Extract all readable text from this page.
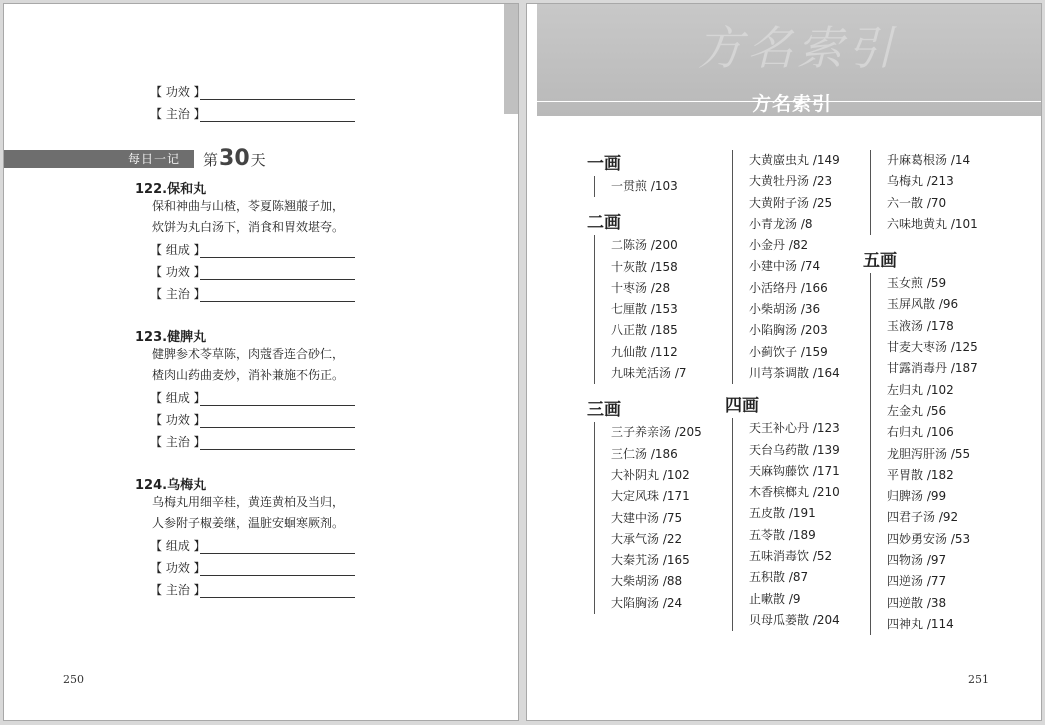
【 功效 】
【 主治 】
每日一记 第 30 天
122.保和丸
保和神曲与山楂，苓夏陈翘菔子加，
炊饼为丸白汤下，消食和胃效堪夸。
【 组成 】
【 功效 】
【 主治 】
123.健脾丸
健脾参术苓草陈，肉蔻香连合砂仁，
楂肉山药曲麦炒，消补兼施不伤正。
【 组成 】
【 功效 】
【 主治 】
124.乌梅丸
乌梅丸用细辛桂，黄连黄柏及当归，
人参附子椒姜继，温脏安蛔寒厥剂。
【 组成 】
【 功效 】
【 主治 】
250
方名索引
方名索引
一画
一贯煎 /103
二画
二陈汤 /200
十灰散 /158
十枣汤 /28
七厘散 /153
八正散 /185
九仙散 /112
九味羌活汤 /7
三画
三子养亲汤 /205
三仁汤 /186
大补阴丸 /102
大定风珠 /171
大建中汤 /75
大承气汤 /22
大秦艽汤 /165
大柴胡汤 /88
大陷胸汤 /24
大黄䗪虫丸 /149
大黄牡丹汤 /23
大黄附子汤 /25
小青龙汤 /8
小金丹 /82
小建中汤 /74
小活络丹 /166
小柴胡汤 /36
小陷胸汤 /203
小蓟饮子 /159
川芎茶调散 /164
四画
天王补心丹 /123
天台乌药散 /139
天麻钩藤饮 /171
木香槟榔丸 /210
五皮散 /191
五苓散 /189
五味消毒饮 /52
五积散 /87
止嗽散 /9
贝母瓜蒌散 /204
升麻葛根汤 /14
乌梅丸 /213
六一散 /70
六味地黄丸 /101
五画
玉女煎 /59
玉屏风散 /96
玉液汤 /178
甘麦大枣汤 /125
甘露消毒丹 /187
左归丸 /102
左金丸 /56
右归丸 /106
龙胆泻肝汤 /55
平胃散 /182
归脾汤 /99
四君子汤 /92
四妙勇安汤 /53
四物汤 /97
四逆汤 /77
四逆散 /38
四神丸 /114
251
